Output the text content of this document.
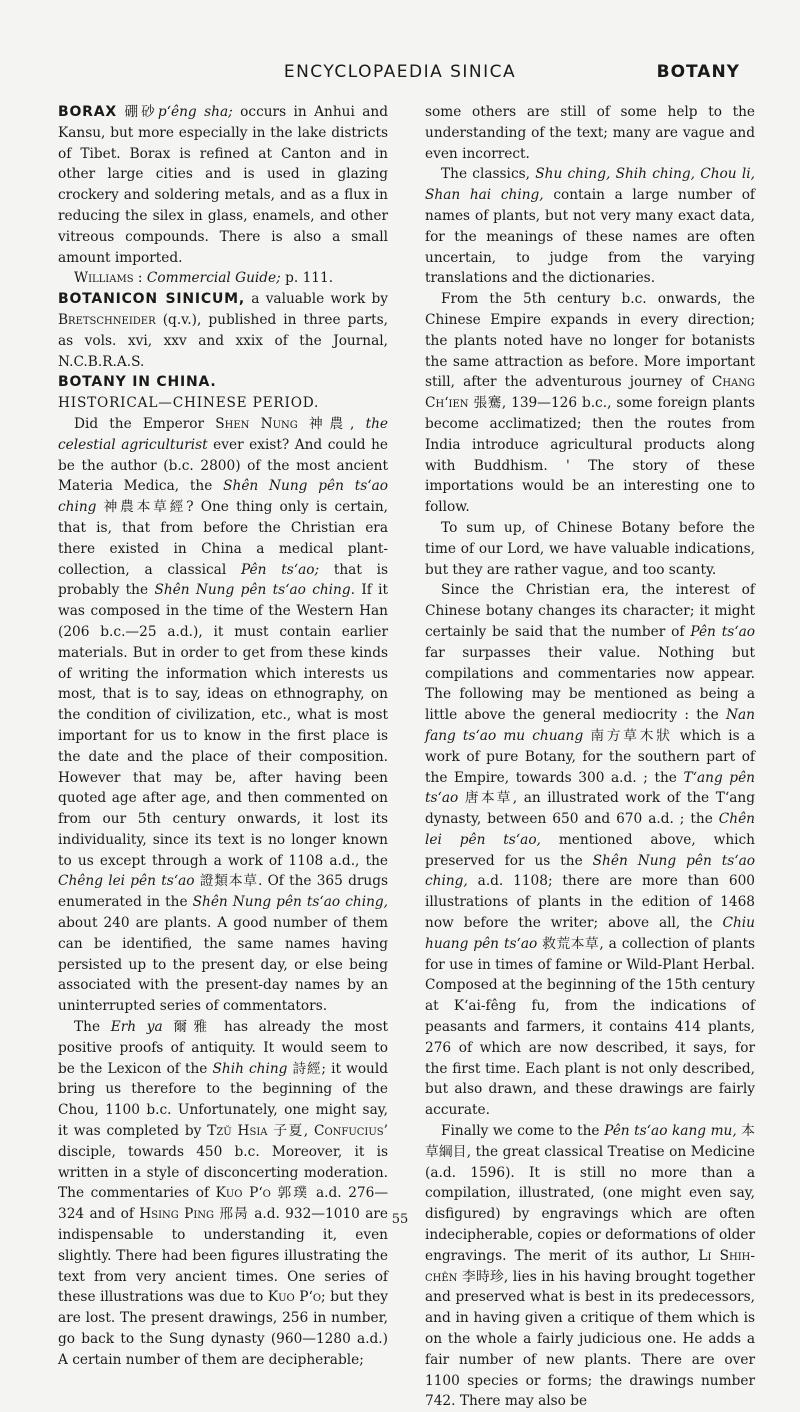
ENCYCLOPAEDIA SINICA	BOTANY

BORAX 硼砂p‘êng sha; occurs in Anhui and Kansu, but more especially in the lake districts of Tibet. Borax is refined at Canton and in other large cities and is used in glazing crockery and soldering metals, and as a flux in reducing the silex in glass, enamels, and other vitreous compounds. There is also a small amount imported.

Williams : Commercial Guide; p. 111.

BOTANICON SINICUM, a valuable work by Bretschneider (q.v.), published in three parts, as vols. xvi, xxv and xxix of the Journal, N.C.B.R.A.S.

BOTANY IN CHINA.

HISTORICAL—CHINESE PERIOD.

Did the Emperor Shen Nung 神農, the celestial agriculturist ever exist? And could he be the author (b.c. 2800) of the most ancient Materia Medica, the Shên Nung pên ts‘ao ching 神農本草經? One thing only is certain, that is, that from before the Christian era there existed in China a medical plant-collection, a classical Pên ts‘ao; that is probably the Shên Nung pên ts‘ao ching. If it was composed in the time of the Western Han (206 b.c.—25 a.d.), it must contain earlier materials. But in order to get from these kinds of writing the information which interests us most, that is to say, ideas on ethnography, on the condition of civilization, etc., what is most important for us to know in the first place is the date and the place of their composition. However that may be, after having been quoted age after age, and then commented on from our 5th century onwards, it lost its individuality, since its text is no longer known to us except through a work of 1108 a.d., the Chêng lei pên ts‘ao 證類本草. Of the 365 drugs enumerated in the Shên Nung pên ts‘ao ching, about 240 are plants. A good number of them can be identified, the same names having persisted up to the present day, or else being associated with the present-day names by an uninterrupted series of commentators.

The Erh ya 爾雅 has already the most positive proofs of antiquity. It would seem to be the Lexicon of the Shih ching 詩經; it would bring us therefore to the beginning of the Chou, 1100 b.c. Unfortunately, one might say, it was completed by Tzŭ Hsia 子夏, Confucius’ disciple, towards 450 b.c. Moreover, it is written in a style of disconcerting moderation. The commentaries of Kuo P‘o 郭璞 a.d. 276—324 and of Hsing Ping 邢昺 a.d. 932—1010 are indispensable to understanding it, even slightly. There had been figures illustrating the text from very ancient times. One series of these illustrations was due to Kuo P‘o; but they are lost. The present drawings, 256 in number, go back to the Sung dynasty (960—1280 a.d.) A certain number of them are decipherable;

some others are still of some help to the understanding of the text; many are vague and even incorrect.

The classics, Shu ching, Shih ching, Chou li, Shan hai ching, contain a large number of names of plants, but not very many exact data, for the meanings of these names are often uncertain, to judge from the varying translations and the dictionaries.

From the 5th century b.c. onwards, the Chinese Empire expands in every direction; the plants noted have no longer for botanists the same attraction as before. More important still, after the adventurous journey of Chang Ch‘ien 張騫, 139—126 b.c., some foreign plants become acclimatized; then the routes from India introduce agricultural products along with Buddhism. ' The story of these importations would be an interesting one to follow.

To sum up, of Chinese Botany before the time of our Lord, we have valuable indications, but they are rather vague, and too scanty.

Since the Christian era, the interest of Chinese botany changes its character; it might certainly be said that the number of Pên ts‘ao far surpasses their value. Nothing but compilations and commentaries now appear. The following may be mentioned as being a little above the general mediocrity : the Nan fang ts‘ao mu chuang 南方草木狀 which is a work of pure Botany, for the southern part of the Empire, towards 300 a.d. ; the T‘ang pên ts‘ao 唐本草, an illustrated work of the T‘ang dynasty, between 650 and 670 a.d. ; the Chên lei pên ts‘ao, mentioned above, which preserved for us the Shên Nung pên ts‘ao ching, a.d. 1108; there are more than 600 illustrations of plants in the edition of 1468 now before the writer; above all, the Chiu huang pên ts‘ao 救荒本草, a collection of plants for use in times of famine or Wild-Plant Herbal. Composed at the beginning of the 15th century at K‘ai-fêng fu, from the indications of peasants and farmers, it contains 414 plants, 276 of which are now described, it says, for the first time. Each plant is not only described, but also drawn, and these drawings are fairly accurate.

Finally we come to the Pên ts‘ao kang mu, 本草綱目, the great classical Treatise on Medicine (a.d. 1596). It is still no more than a compilation, illustrated, (one might even say, disfigured) by engravings which are often indecipherable, copies or deformations of older engravings. The merit of its author, Li Shih-chên 李時珍, lies in his having brought together and preserved what is best in its predecessors, and in having given a critique of them which is on the whole a fairly judicious one. He adds a fair number of new plants. There are over 1100 species or forms; the drawings number 742. There may also be

55
